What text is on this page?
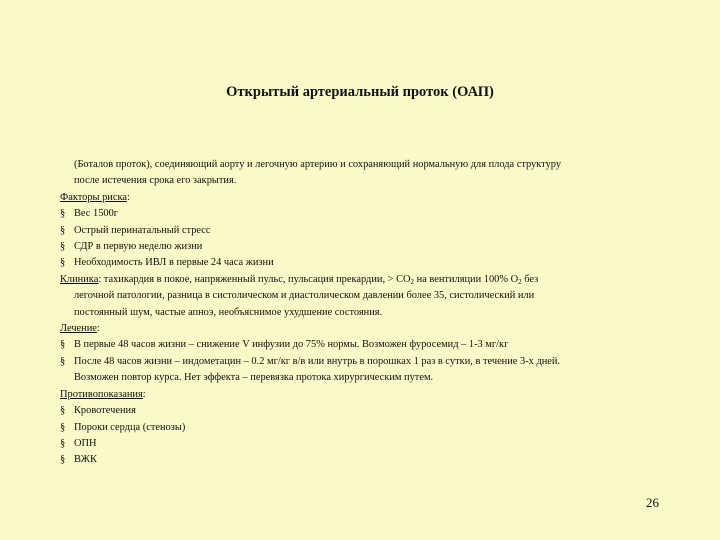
Открытый артериальный проток (ОАП)
(Боталов проток), соединяющий аорту и легочную артерию и сохраняющий нормальную для плода структуру
после истечения срока его закрытия.
Факторы риска:
§ Вес 1500г
§ Острый перинатальный стресс
§ СДР в первую неделю жизни
§ Необходимость ИВЛ в первые 24 часа жизни
Клиника: тахикардия в покое, напряженный пульс, пульсация прекардии, > $CO_2$ на вентиляции 100% $O_2$ без
легочной патологии, разница в систолическом и диастолическом давлении более 35, систолический или
постоянный шум, частые апноэ, необъяснимое ухудшение состояния.
Лечение:
§ В первые 48 часов жизни – снижение V инфузии до 75% нормы. Возможен фуросемид – 1-3 мг/кг
§ После 48 часов жизни – индометацин – 0.2 мг/кг в/в или внутрь в порошках 1 раз в сутки, в течение 3-х дней.
Возможен повтор курса. Нет эффекта – перевязка протока хирургическим путем.
Противопоказания:
§ Кровотечения
§ Пороки сердца (стенозы)
§ ОПН
§ ВЖК
26
